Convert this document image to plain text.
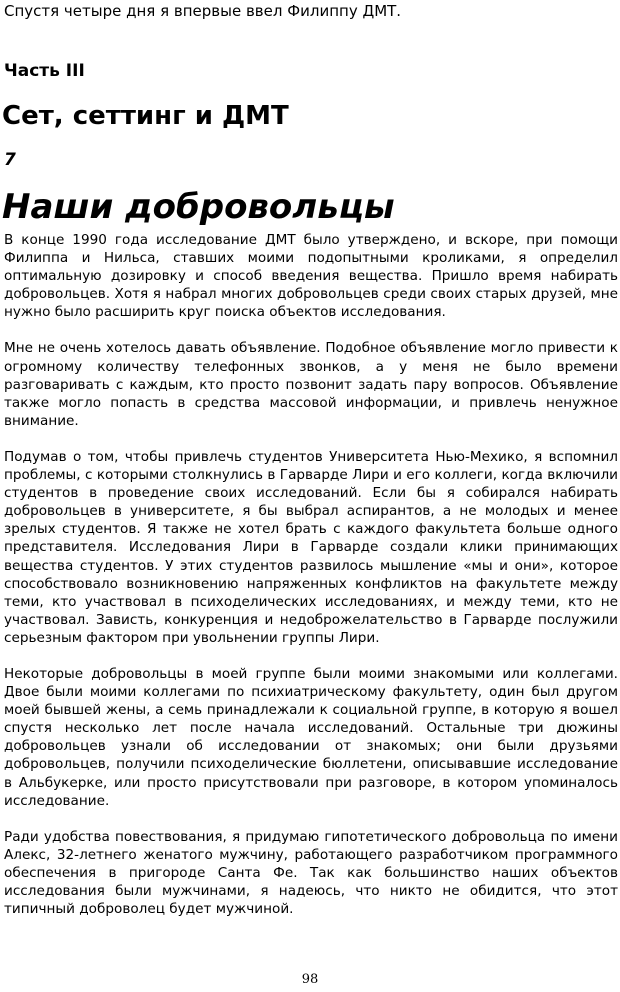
Спустя четыре дня я впервые ввел Филиппу ДМТ.

Часть III
Сет, сеттинг и ДМТ
7
Наши добровольцы

В конце 1990 года исследование ДМТ было утверждено, и вскоре, при помощи Филиппа и Нильса, ставших моими подопытными кроликами, я определил оптимальную дозировку и способ введения вещества. Пришло время набирать добровольцев. Хотя я набрал многих добровольцев среди своих старых друзей, мне нужно было расширить круг поиска объектов исследования.

Мне не очень хотелось давать объявление. Подобное объявление могло привести к огромному количеству телефонных звонков, а у меня не было времени разговаривать с каждым, кто просто позвонит задать пару вопросов. Объявление также могло попасть в средства массовой информации, и привлечь ненужное внимание.

Подумав о том, чтобы привлечь студентов Университета Нью-Мехико, я вспомнил проблемы, с которыми столкнулись в Гарварде Лири и его коллеги, когда включили студентов в проведение своих исследований. Если бы я собирался набирать добровольцев в университете, я бы выбрал аспирантов, а не молодых и менее зрелых студентов. Я также не хотел брать с каждого факультета больше одного представителя. Исследования Лири в Гарварде создали клики принимающих вещества студентов. У этих студентов развилось мышление «мы и они», которое способствовало возникновению напряженных конфликтов на факультете между теми, кто участвовал в психоделических исследованиях, и между теми, кто не участвовал. Зависть, конкуренция и недоброжелательство в Гарварде послужили серьезным фактором при увольнении группы Лири.

Некоторые добровольцы в моей группе были моими знакомыми или коллегами. Двое были моими коллегами по психиатрическому факультету, один был другом моей бывшей жены, а семь принадлежали к социальной группе, в которую я вошел спустя несколько лет после начала исследований. Остальные три дюжины добровольцев узнали об исследовании от знакомых; они были друзьями добровольцев, получили психоделические бюллетени, описывавшие исследование в Альбукерке, или просто присутствовали при разговоре, в котором упоминалось исследование.

Ради удобства повествования, я придумаю гипотетического добровольца по имени Алекс, 32-летнего женатого мужчину, работающего разработчиком программного обеспечения в пригороде Санта Фе. Так как большинство наших объектов исследования были мужчинами, я надеюсь, что никто не обидится, что этот типичный доброволец будет мужчиной.

98
